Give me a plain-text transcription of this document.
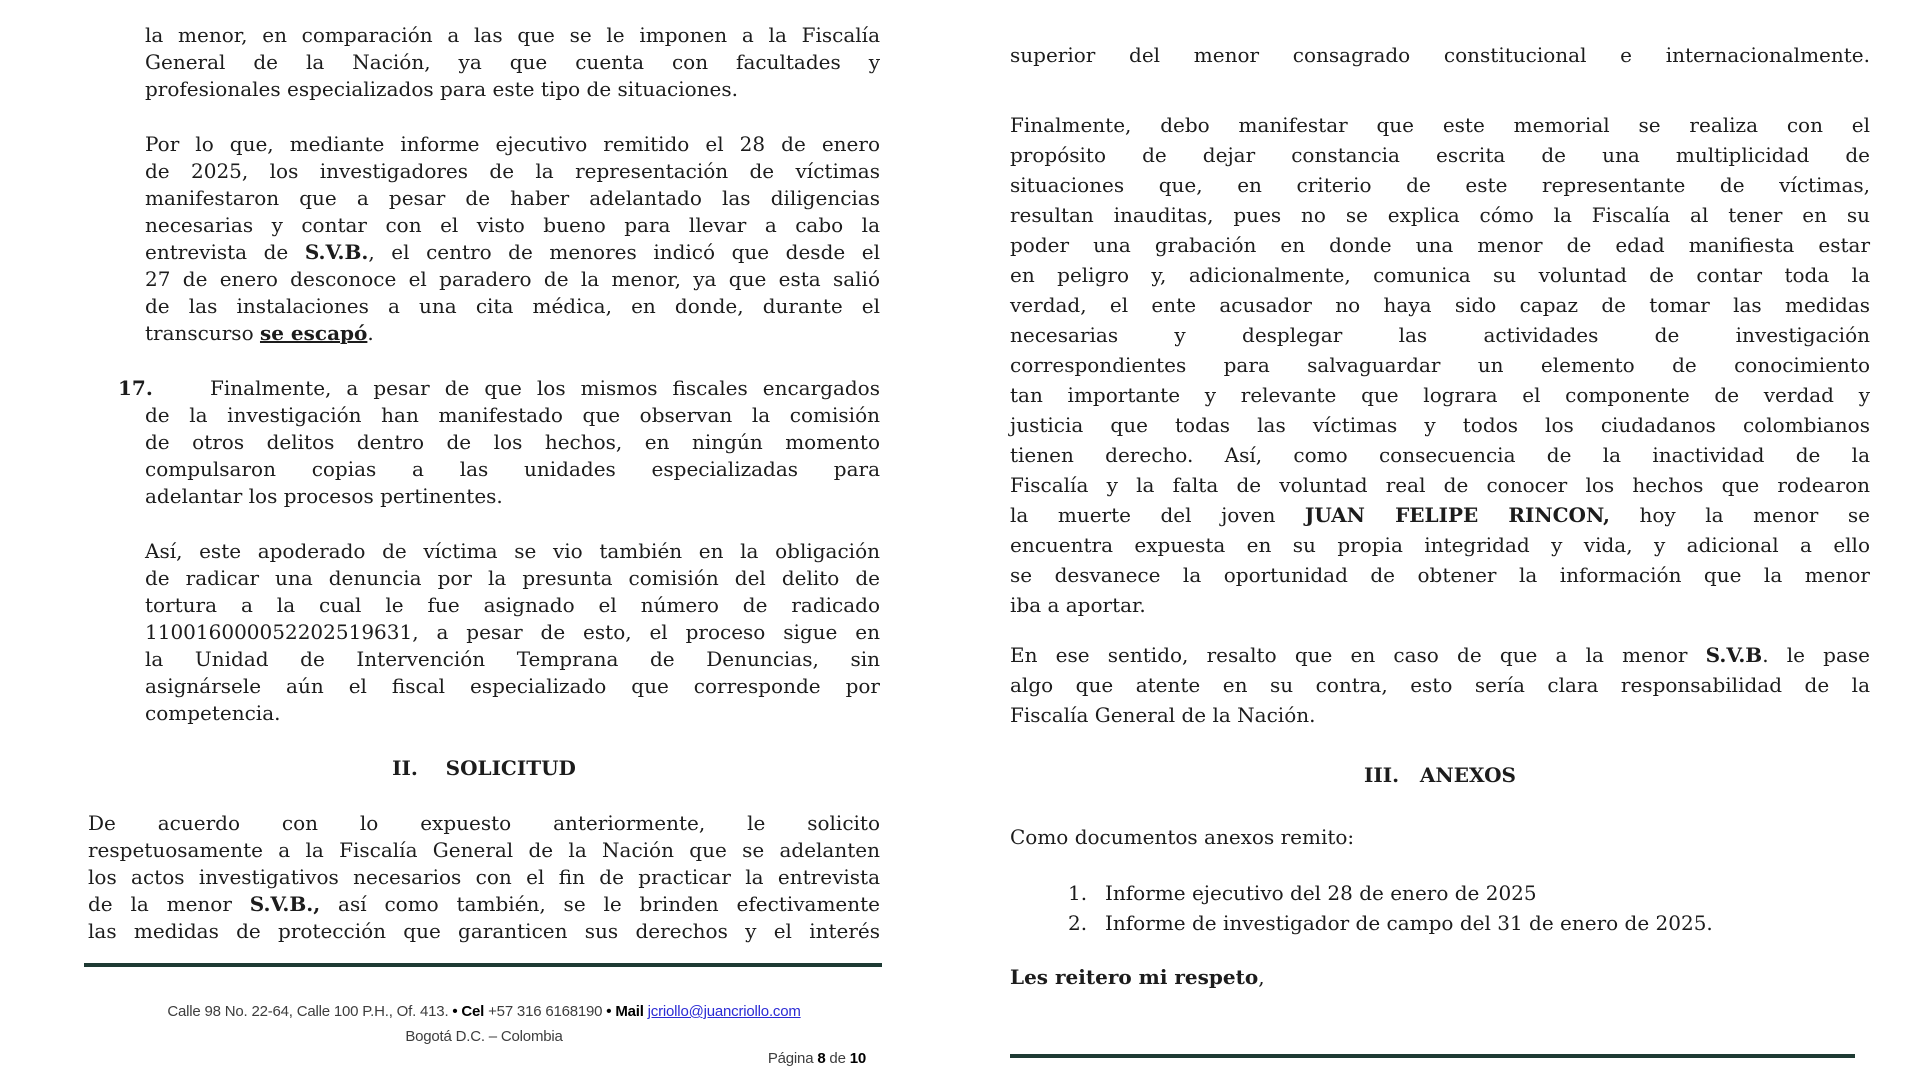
la menor, en comparación a las que se le imponen a la Fiscalía
General de la Nación, ya que cuenta con facultades y
profesionales especializados para este tipo de situaciones.
Por lo que, mediante informe ejecutivo remitido el 28 de enero
de 2025, los investigadores de la representación de víctimas
manifestaron que a pesar de haber adelantado las diligencias
necesarias y contar con el visto bueno para llevar a cabo la
entrevista de S.V.B., el centro de menores indicó que desde el
27 de enero desconoce el paradero de la menor, ya que esta salió
de las instalaciones a una cita médica, en donde, durante el
transcurso se escapó.
17.	Finalmente, a pesar de que los mismos fiscales encargados
de la investigación han manifestado que observan la comisión
de otros delitos dentro de los hechos, en ningún momento
compulsaron copias a las unidades especializadas para
adelantar los procesos pertinentes.
Así, este apoderado de víctima se vio también en la obligación
de radicar una denuncia por la presunta comisión del delito de
tortura a la cual le fue asignado el número de radicado
110016000052202519631, a pesar de esto, el proceso sigue en
la Unidad de Intervención Temprana de Denuncias, sin
asignársele aún el fiscal especializado que corresponde por
competencia.
II.    SOLICITUD
De acuerdo con lo expuesto anteriormente, le solicito
respetuosamente a la Fiscalía General de la Nación que se adelanten
los actos investigativos necesarios con el fin de practicar la entrevista
de la menor S.V.B., así como también, se le brinden efectivamente
las medidas de protección que garanticen sus derechos y el interés
superior del menor consagrado constitucional e internacionalmente.
Finalmente, debo manifestar que este memorial se realiza con el
propósito de dejar constancia escrita de una multiplicidad de
situaciones que, en criterio de este representante de víctimas,
resultan inauditas, pues no se explica cómo la Fiscalía al tener en su
poder una grabación en donde una menor de edad manifiesta estar
en peligro y, adicionalmente, comunica su voluntad de contar toda la
verdad, el ente acusador no haya sido capaz de tomar las medidas
necesarias y desplegar las actividades de investigación
correspondientes para salvaguardar un elemento de conocimiento
tan importante y relevante que lograra el componente de verdad y
justicia que todas las víctimas y todos los ciudadanos colombianos
tienen derecho. Así, como consecuencia de la inactividad de la
Fiscalía y la falta de voluntad real de conocer los hechos que rodearon
la muerte del joven JUAN FELIPE RINCON, hoy la menor se
encuentra expuesta en su propia integridad y vida, y adicional a ello
se desvanece la oportunidad de obtener la información que la menor
iba a aportar.
En ese sentido, resalto que en caso de que a la menor S.V.B. le pase
algo que atente en su contra, esto sería clara responsabilidad de la
Fiscalía General de la Nación.
III.   ANEXOS
Como documentos anexos remito:
1. Informe ejecutivo del 28 de enero de 2025
2. Informe de investigador de campo del 31 de enero de 2025.
Les reitero mi respeto,
Calle 98 No. 22-64, Calle 100 P.H., Of. 413. • Cel +57 316 6168190 • Mail jcriollo@juancriollo.com
Bogotá D.C. – Colombia
Página 8 de 10
